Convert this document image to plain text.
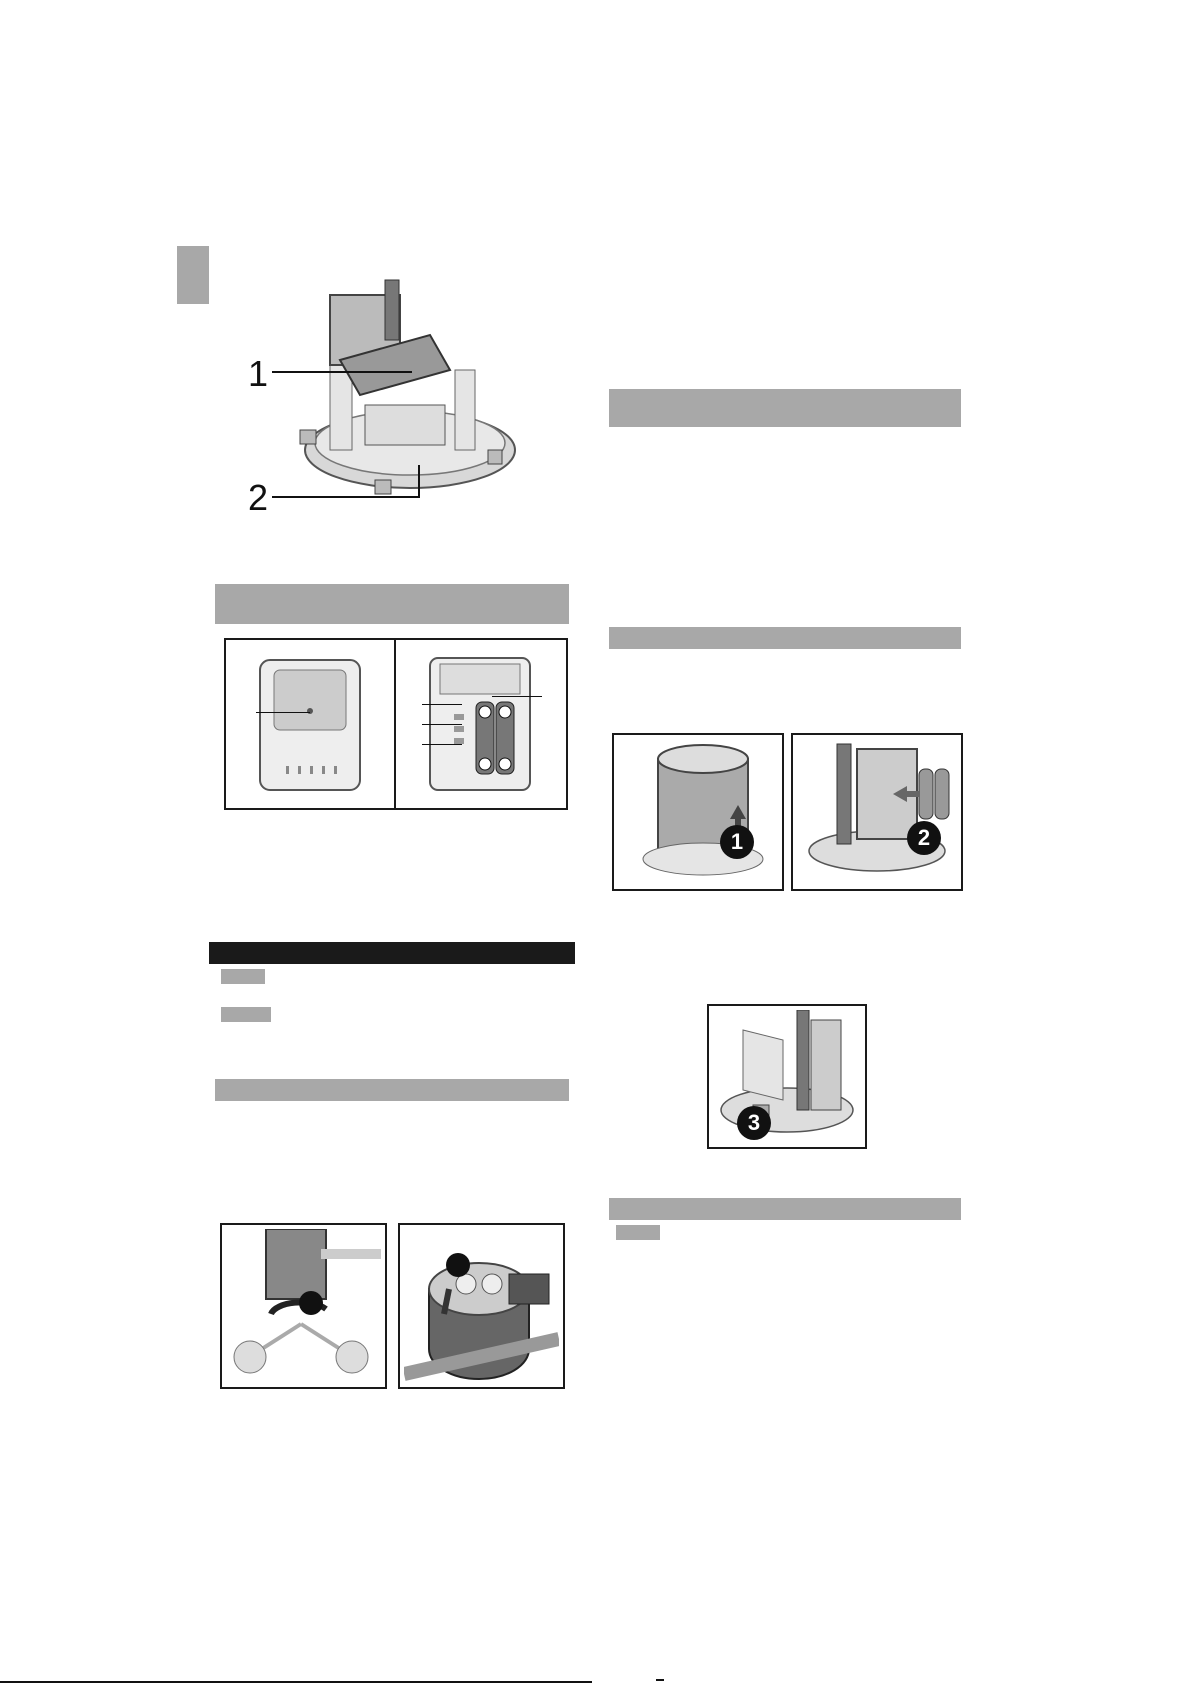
1
2
1	2
3
